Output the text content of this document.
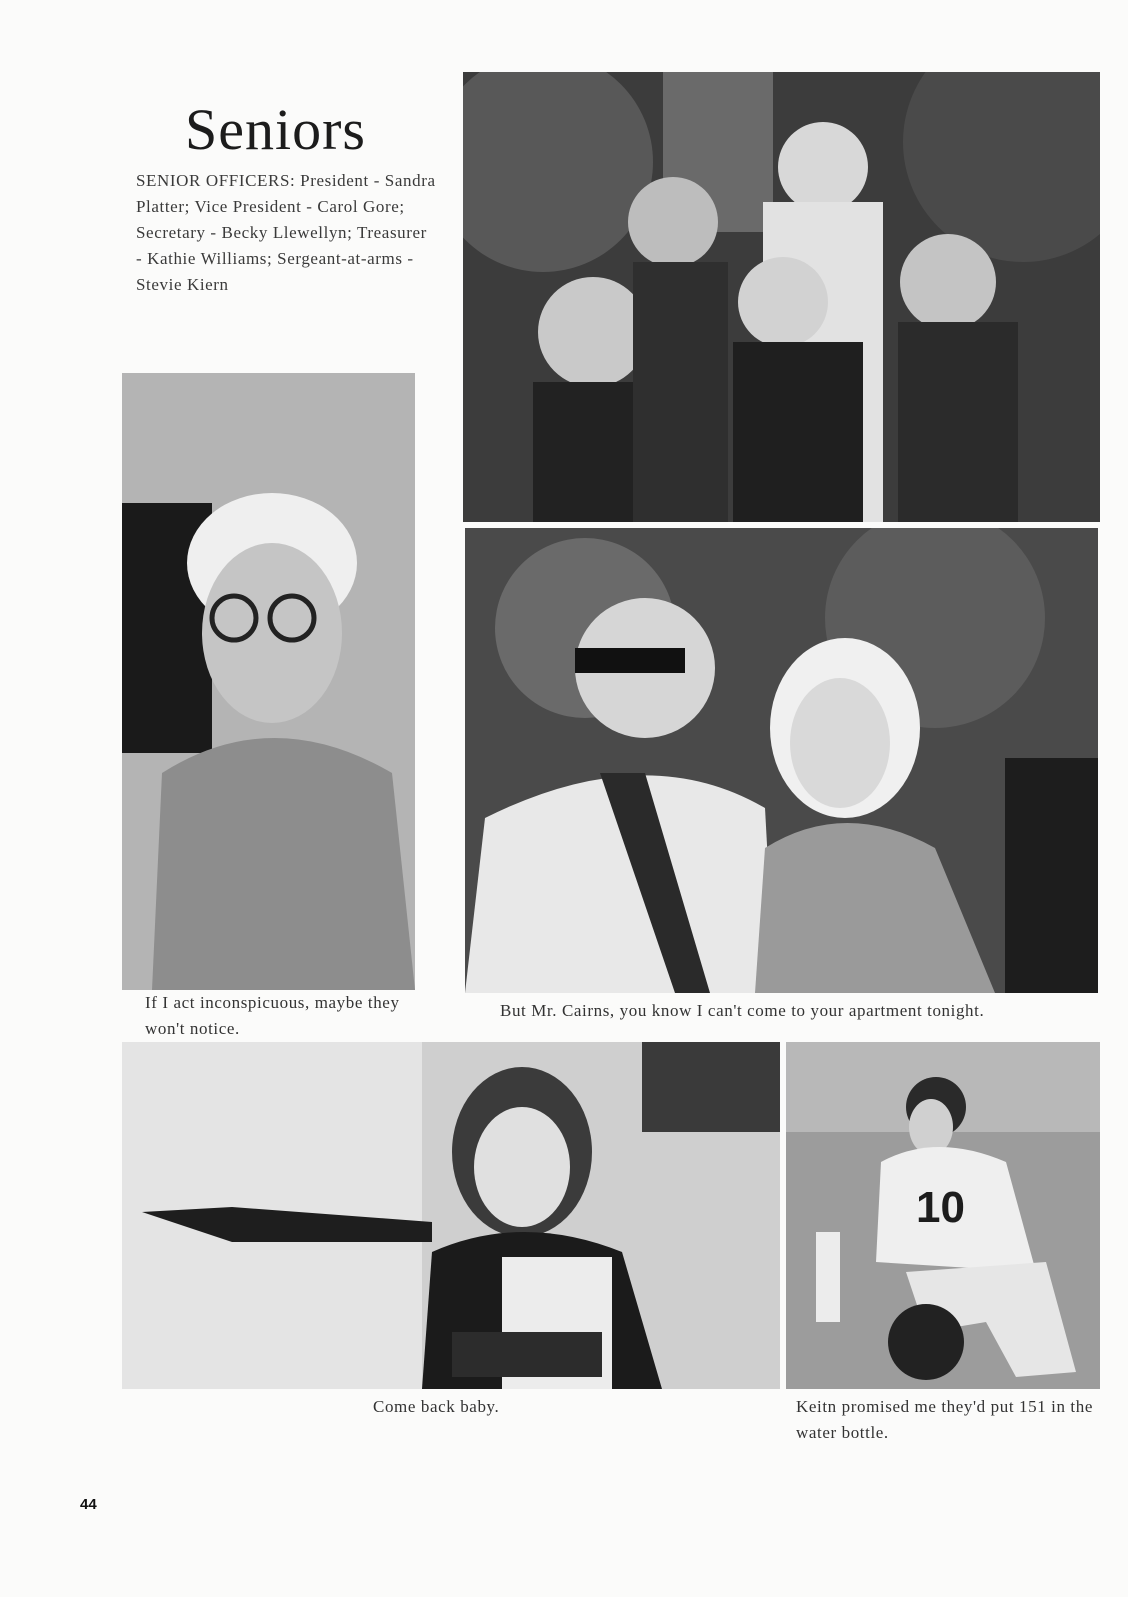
Seniors
SENIOR OFFICERS: President - Sandra Platter; Vice President - Carol Gore; Secretary - Becky Llewellyn; Treasurer - Kathie Williams; Sergeant-at-arms - Stevie Kiern
If I act inconspicuous, maybe they won't notice.
But Mr. Cairns, you know I can't come to your apartment tonight.
Come back baby.
10
Keitn promised me they'd put 151 in the water bottle.
44
